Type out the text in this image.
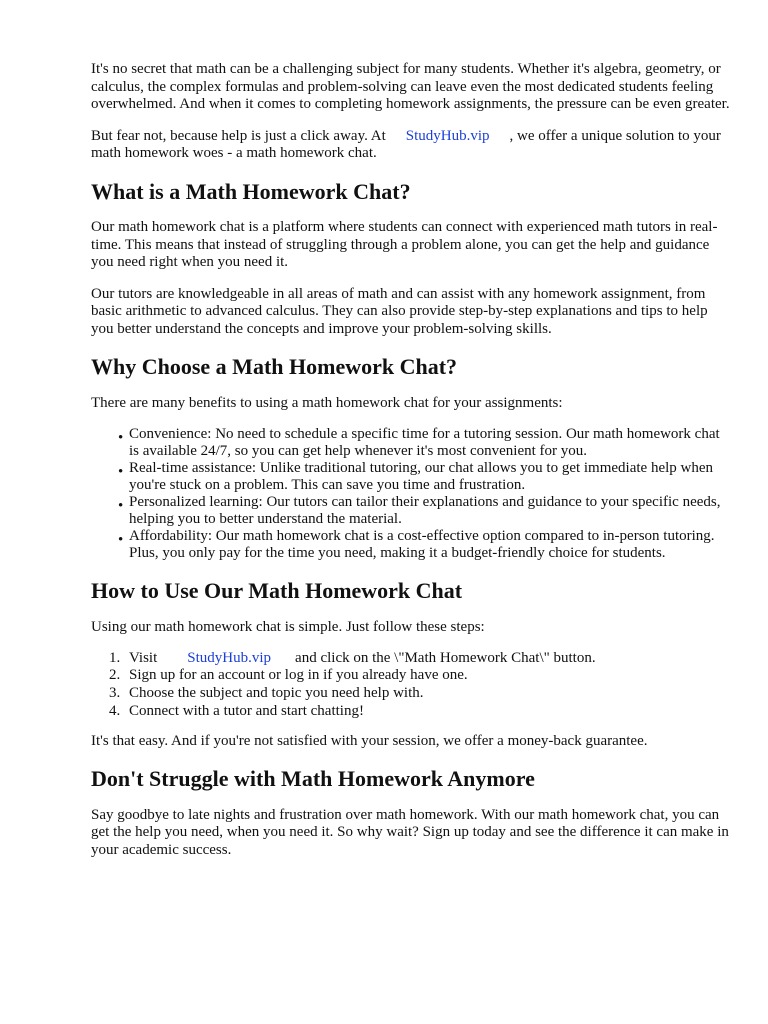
It's no secret that math can be a challenging subject for many students. Whether it's algebra, geometry, or calculus, the complex formulas and problem-solving can leave even the most dedicated students feeling overwhelmed. And when it comes to completing homework assignments, the pressure can be even greater.

But fear not, because help is just a click away. At StudyHub.vip , we offer a unique solution to your math homework woes - a math homework chat.

What is a Math Homework Chat?

Our math homework chat is a platform where students can connect with experienced math tutors in real-time. This means that instead of struggling through a problem alone, you can get the help and guidance you need right when you need it.

Our tutors are knowledgeable in all areas of math and can assist with any homework assignment, from basic arithmetic to advanced calculus. They can also provide step-by-step explanations and tips to help you better understand the concepts and improve your problem-solving skills.

Why Choose a Math Homework Chat?

There are many benefits to using a math homework chat for your assignments:

• Convenience: No need to schedule a specific time for a tutoring session. Our math homework chat is available 24/7, so you can get help whenever it's most convenient for you.
• Real-time assistance: Unlike traditional tutoring, our chat allows you to get immediate help when you're stuck on a problem. This can save you time and frustration.
• Personalized learning: Our tutors can tailor their explanations and guidance to your specific needs, helping you to better understand the material.
• Affordability: Our math homework chat is a cost-effective option compared to in-person tutoring. Plus, you only pay for the time you need, making it a budget-friendly choice for students.
How to Use Our Math Homework Chat

Using our math homework chat is simple. Just follow these steps:

1. Visit StudyHub.vip and click on the \"Math Homework Chat\" button.
2. Sign up for an account or log in if you already have one.
3. Choose the subject and topic you need help with.
4. Connect with a tutor and start chatting!

It's that easy. And if you're not satisfied with your session, we offer a money-back guarantee.

Don't Struggle with Math Homework Anymore

Say goodbye to late nights and frustration over math homework. With our math homework chat, you can get the help you need, when you need it. So why wait? Sign up today and see the difference it can make in your academic success.
